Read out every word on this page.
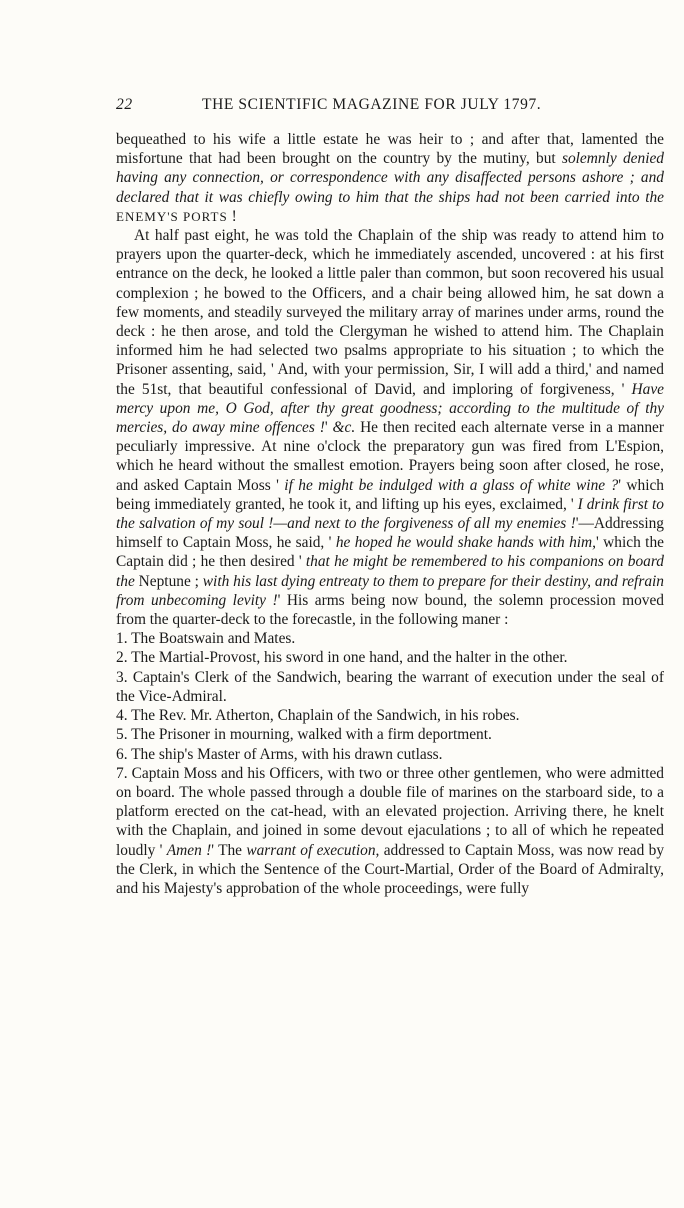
22	THE SCIENTIFIC MAGAZINE FOR JULY 1797.

bequeathed to his wife a little estate he was heir to ; and after that, lamented the misfortune that had been brought on the country by the mutiny, but solemnly denied having any connection, or correspondence with any disaffected persons ashore ; and declared that it was chiefly owing to him that the ships had not been carried into the ENEMY'S PORTS !

At half past eight, he was told the Chaplain of the ship was ready to attend him to prayers upon the quarter-deck, which he immediately ascended, uncovered : at his first entrance on the deck, he looked a little paler than common, but soon recovered his usual complexion ; he bowed to the Officers, and a chair being allowed him, he sat down a few moments, and steadily surveyed the military array of marines under arms, round the deck : he then arose, and told the Clergyman he wished to attend him. The Chaplain informed him he had selected two psalms appropriate to his situation ; to which the Prisoner assenting, said, ' And, with your permission, Sir, I will add a third,' and named the 51st, that beautiful confessional of David, and imploring of forgiveness, ' Have mercy upon me, O God, after thy great goodness; according to the multitude of thy mercies, do away mine offences !' &c. He then recited each alternate verse in a manner peculiarly impressive. At nine o'clock the preparatory gun was fired from L'Espion, which he heard without the smallest emotion. Prayers being soon after closed, he rose, and asked Captain Moss ' if he might be indulged with a glass of white wine ?' which being immediately granted, he took it, and lifting up his eyes, exclaimed, ' I drink first to the salvation of my soul !—and next to the forgiveness of all my enemies !'—Addressing himself to Captain Moss, he said, ' he hoped he would shake hands with him,' which the Captain did ; he then desired ' that he might be remembered to his companions on board the Neptune ; with his last dying entreaty to them to prepare for their destiny, and refrain from unbecoming levity !' His arms being now bound, the solemn procession moved from the quarter-deck to the forecastle, in the following maner :

1. The Boatswain and Mates.

2. The Martial-Provost, his sword in one hand, and the halter in the other.

3. Captain's Clerk of the Sandwich, bearing the warrant of execution under the seal of the Vice-Admiral.

4. The Rev. Mr. Atherton, Chaplain of the Sandwich, in his robes.

5. The Prisoner in mourning, walked with a firm deportment.

6. The ship's Master of Arms, with his drawn cutlass.

7. Captain Moss and his Officers, with two or three other gentlemen, who were admitted on board. The whole passed through a double file of marines on the starboard side, to a platform erected on the cat-head, with an elevated projection. Arriving there, he knelt with the Chaplain, and joined in some devout ejaculations ; to all of which he repeated loudly ' Amen !' The warrant of execution, addressed to Captain Moss, was now read by the Clerk, in which the Sentence of the Court-Martial, Order of the Board of Admiralty, and his Majesty's approbation of the whole proceedings, were fully
